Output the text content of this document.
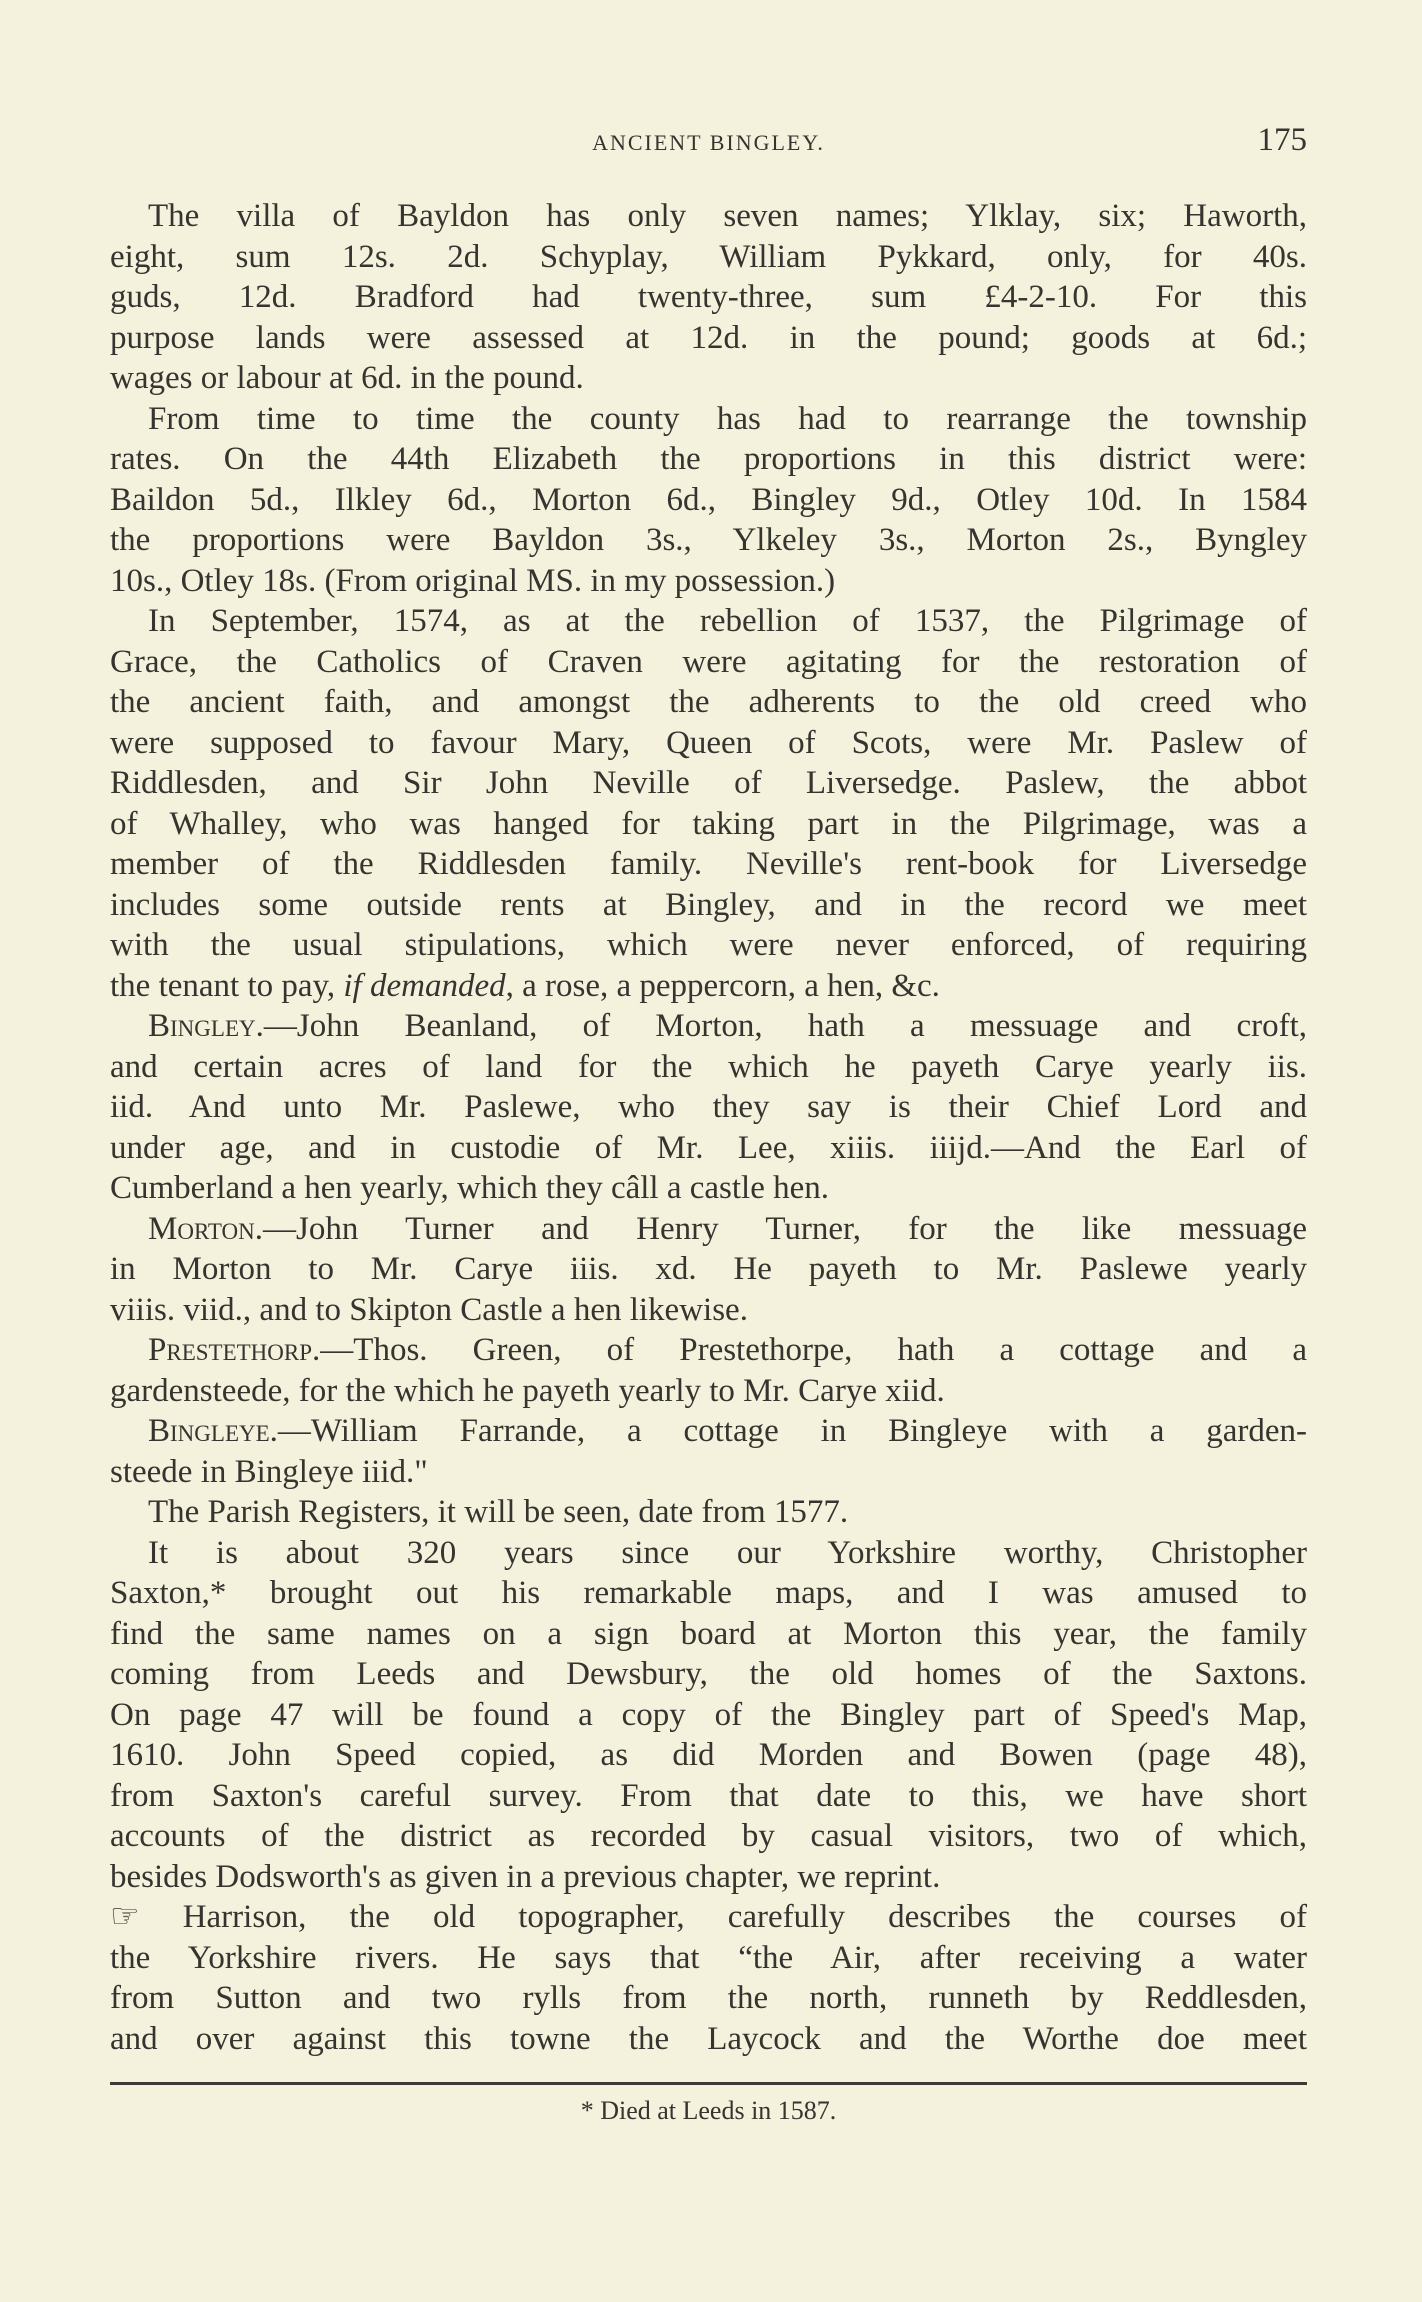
ANCIENT BINGLEY.	175
The villa of Bayldon has only seven names; Ylklay, six; Haworth,
eight, sum 12s. 2d. Schyplay, William Pykkard, only, for 40s.
guds, 12d. Bradford had twenty-three, sum £4-2-10. For this
purpose lands were assessed at 12d. in the pound; goods at 6d.;
wages or labour at 6d. in the pound.
From time to time the county has had to rearrange the township
rates. On the 44th Elizabeth the proportions in this district were:
Baildon 5d., Ilkley 6d., Morton 6d., Bingley 9d., Otley 10d. In 1584
the proportions were Bayldon 3s., Ylkeley 3s., Morton 2s., Byngley
10s., Otley 18s. (From original MS. in my possession.)
In September, 1574, as at the rebellion of 1537, the Pilgrimage of
Grace, the Catholics of Craven were agitating for the restoration of
the ancient faith, and amongst the adherents to the old creed who
were supposed to favour Mary, Queen of Scots, were Mr. Paslew of
Riddlesden, and Sir John Neville of Liversedge. Paslew, the abbot
of Whalley, who was hanged for taking part in the Pilgrimage, was a
member of the Riddlesden family. Neville's rent-book for Liversedge
includes some outside rents at Bingley, and in the record we meet
with the usual stipulations, which were never enforced, of requiring
the tenant to pay, if demanded, a rose, a peppercorn, a hen, &c.
Bingley.—John Beanland, of Morton, hath a messuage and croft,
and certain acres of land for the which he payeth Carye yearly iis.
iid. And unto Mr. Paslewe, who they say is their Chief Lord and
under age, and in custodie of Mr. Lee, xiiis. iiijd.—And the Earl of
Cumberland a hen yearly, which they câll a castle hen.
Morton.—John Turner and Henry Turner, for the like messuage
in Morton to Mr. Carye iiis. xd. He payeth to Mr. Paslewe yearly
viiis. viid., and to Skipton Castle a hen likewise.
Prestethorp.—Thos. Green, of Prestethorpe, hath a cottage and a
gardensteede, for the which he payeth yearly to Mr. Carye xiid.
Bingleye.—William Farrande, a cottage in Bingleye with a garden-
steede in Bingleye iiid."
The Parish Registers, it will be seen, date from 1577.
It is about 320 years since our Yorkshire worthy, Christopher
Saxton,* brought out his remarkable maps, and I was amused to
find the same names on a sign board at Morton this year, the family
coming from Leeds and Dewsbury, the old homes of the Saxtons.
On page 47 will be found a copy of the Bingley part of Speed's Map,
1610. John Speed copied, as did Morden and Bowen (page 48),
from Saxton's careful survey. From that date to this, we have short
accounts of the district as recorded by casual visitors, two of which,
besides Dodsworth's as given in a previous chapter, we reprint.
☞ Harrison, the old topographer, carefully describes the courses of
the Yorkshire rivers. He says that “the Air, after receiving a water
from Sutton and two rylls from the north, runneth by Reddlesden,
and over against this towne the Laycock and the Worthe doe meet
* Died at Leeds in 1587.
